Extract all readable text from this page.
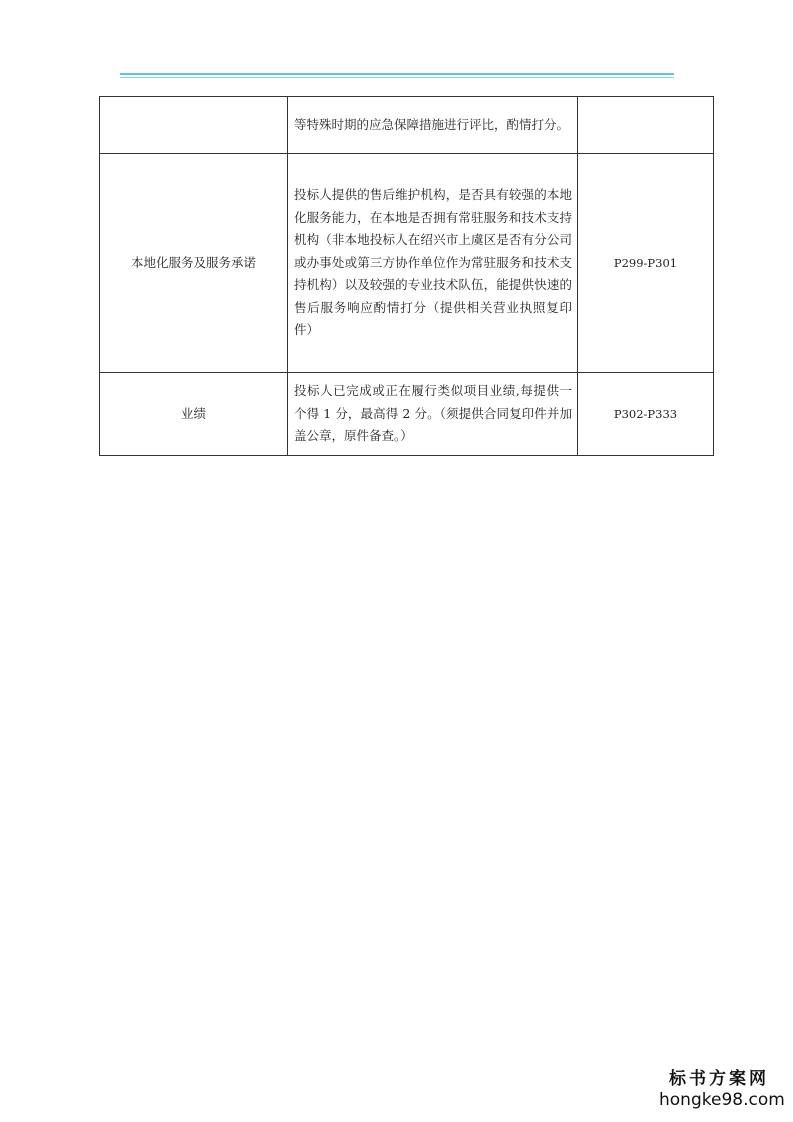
	等特殊时期的应急保障措施进行评比，酌情打分。	
本地化服务及服务承诺	投标人提供的售后维护机构，是否具有较强的本地化服务能力，在本地是否拥有常驻服务和技术支持机构（非本地投标人在绍兴市上虞区是否有分公司或办事处或第三方协作单位作为常驻服务和技术支持机构）以及较强的专业技术队伍，能提供快速的售后服务响应酌情打分（提供相关营业执照复印件）	P299-P301
业绩	投标人已完成或正在履行类似项目业绩,每提供一个得 1 分，最高得 2 分。（须提供合同复印件并加盖公章，原件备查。）	P302-P333
标书方案网
hongke98.com
